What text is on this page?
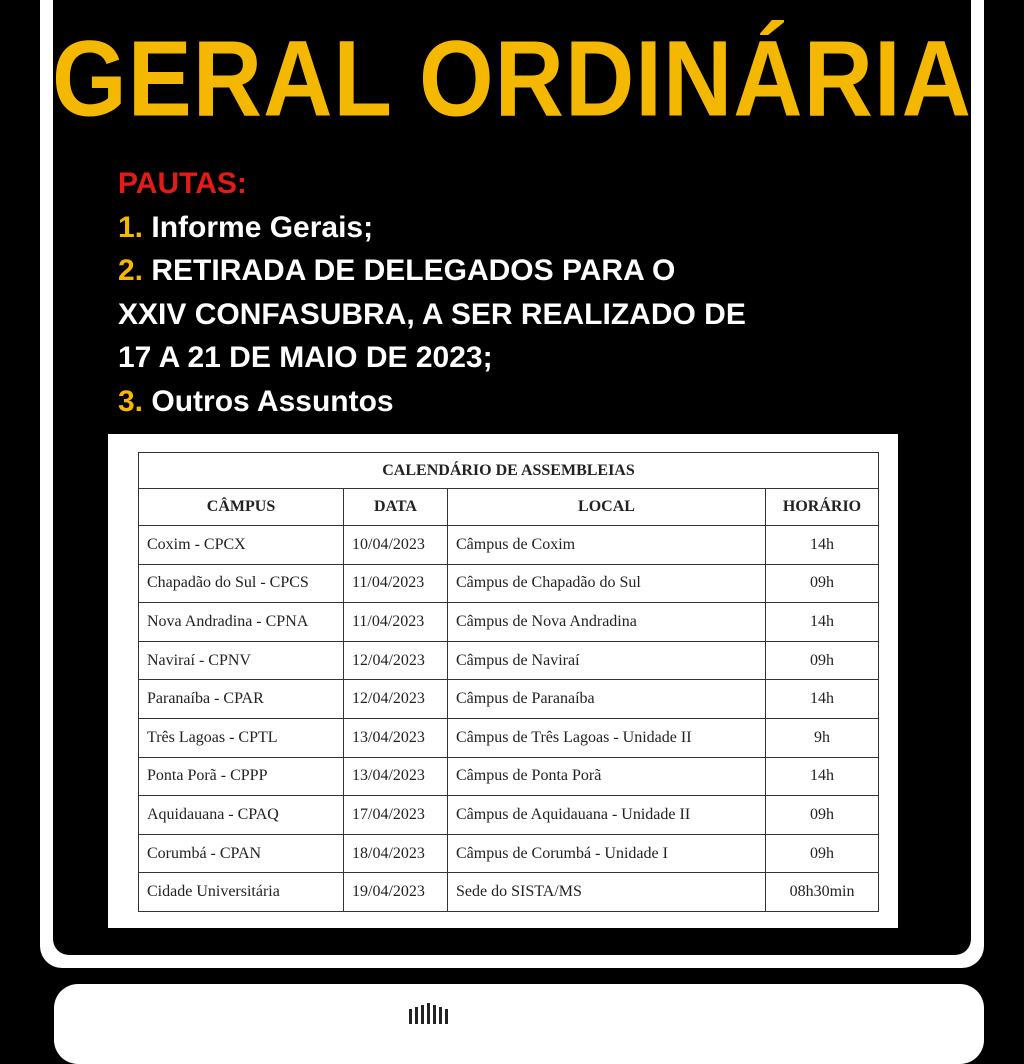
GERAL ORDINÁRIA

PAUTAS:

1. Informe Gerais;

2. RETIRADA DE DELEGADOS PARA O

XXIV CONFASUBRA, A SER REALIZADO DE

17 A 21 DE MAIO DE 2023;

3. Outros Assuntos

CALENDÁRIO DE ASSEMBLEIAS			
CÂMPUS	DATA	LOCAL	HORÁRIO
Coxim - CPCX	10/04/2023	Câmpus de Coxim	14h
Chapadão do Sul - CPCS	11/04/2023	Câmpus de Chapadão do Sul	09h
Nova Andradina - CPNA	11/04/2023	Câmpus de Nova Andradina	14h
Naviraí - CPNV	12/04/2023	Câmpus de Naviraí	09h
Paranaíba - CPAR	12/04/2023	Câmpus de Paranaíba	14h
Três Lagoas - CPTL	13/04/2023	Câmpus de Três Lagoas - Unidade II	9h
Ponta Porã - CPPP	13/04/2023	Câmpus de Ponta Porã	14h
Aquidauana - CPAQ	17/04/2023	Câmpus de Aquidauana - Unidade II	09h
Corumbá - CPAN	18/04/2023	Câmpus de Corumbá - Unidade I	09h
Cidade Universitária	19/04/2023	Sede do SISTA/MS	08h30min
